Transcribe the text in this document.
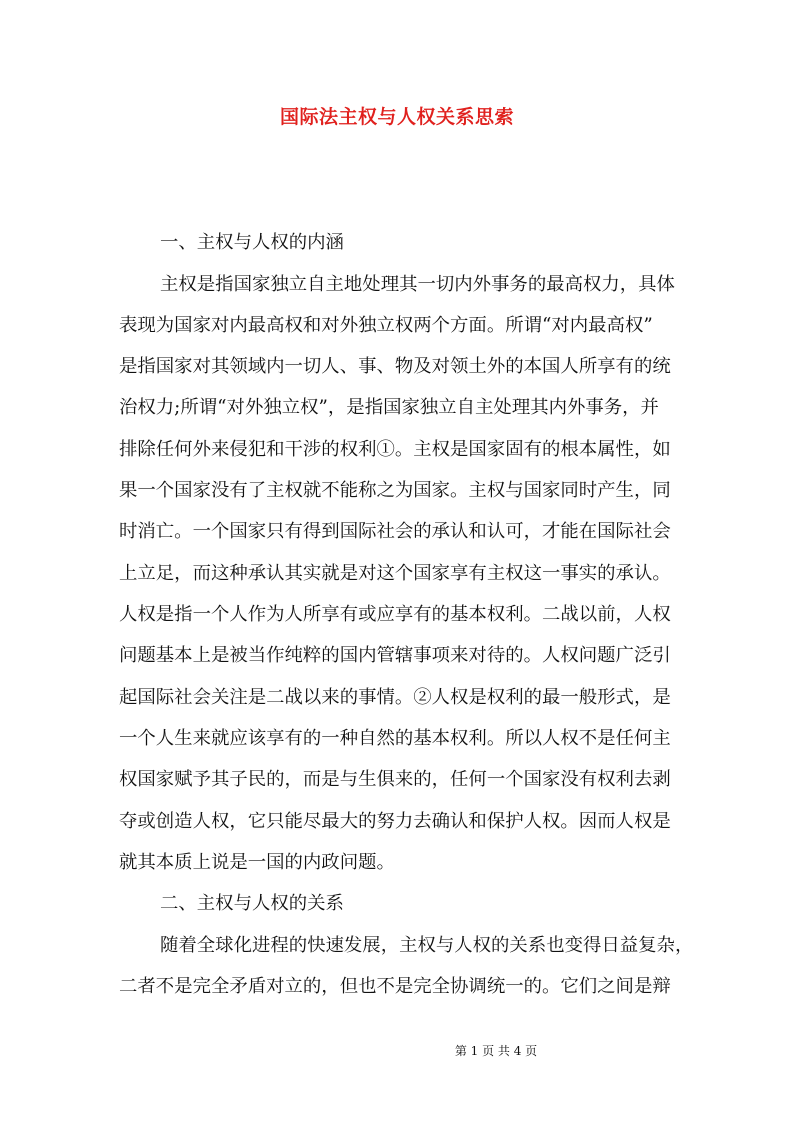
国际法主权与人权关系思索

一、主权与人权的内涵

主权是指国家独立自主地处理其一切内外事务的最高权力，具体

表现为国家对内最高权和对外独立权两个方面。所谓“对内最高权”

是指国家对其领域内一切人、事、物及对领土外的本国人所享有的统

治权力;所谓“对外独立权”，是指国家独立自主处理其内外事务，并

排除任何外来侵犯和干涉的权利①。主权是国家固有的根本属性，如

果一个国家没有了主权就不能称之为国家。主权与国家同时产生，同

时消亡。一个国家只有得到国际社会的承认和认可，才能在国际社会

上立足，而这种承认其实就是对这个国家享有主权这一事实的承认。

人权是指一个人作为人所享有或应享有的基本权利。二战以前，人权

问题基本上是被当作纯粹的国内管辖事项来对待的。人权问题广泛引

起国际社会关注是二战以来的事情。②人权是权利的最一般形式，是

一个人生来就应该享有的一种自然的基本权利。所以人权不是任何主

权国家赋予其子民的，而是与生俱来的，任何一个国家没有权利去剥

夺或创造人权，它只能尽最大的努力去确认和保护人权。因而人权是

就其本质上说是一国的内政问题。

二、主权与人权的关系

随着全球化进程的快速发展，主权与人权的关系也变得日益复杂，

二者不是完全矛盾对立的，但也不是完全协调统一的。它们之间是辩

第 1 页 共 4 页
